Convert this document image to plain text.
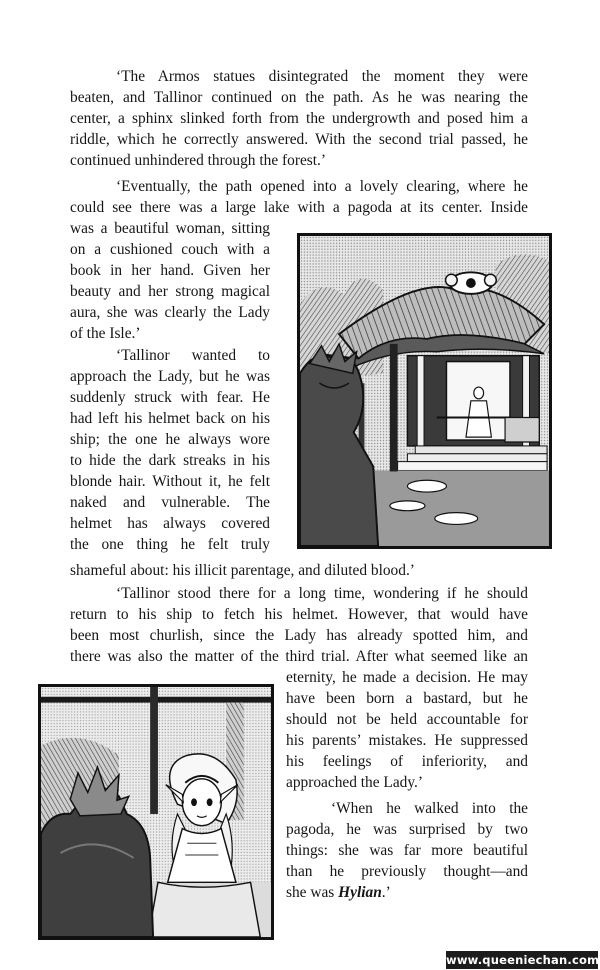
‘The Armos statues disintegrated the moment they were
beaten, and Tallinor continued on the path. As he was nearing the
center, a sphinx slinked forth from the undergrowth and posed him a
riddle, which he correctly answered. With the second trial passed, he
continued unhindered through the forest.’
‘Eventually, the path opened into a lovely clearing, where he
could see there was a large lake with a pagoda at its center. Inside
was a beautiful woman, sitting
on a cushioned couch with a
book in her hand. Given her
beauty and her strong magical
aura, she was clearly the Lady
of the Isle.’
‘Tallinor wanted to
approach the Lady, but he was
suddenly struck with fear. He
had left his helmet back on his
ship; the one he always wore
to hide the dark streaks in his
blonde hair. Without it, he felt
naked and vulnerable. The
helmet has always covered
the one thing he felt truly
shameful about: his illicit parentage, and diluted blood.’
‘Tallinor stood there for a long time, wondering if he should
return to his ship to fetch his helmet. However, that would have
been most churlish, since the Lady has already spotted him, and
there was also the matter of the third trial. After what seemed like an
eternity, he made a decision. He may
have been born a bastard, but he
should not be held accountable for
his parents’ mistakes. He suppressed
his feelings of inferiority, and
approached the Lady.’
‘When he walked into the
pagoda, he was surprised by two
things: she was far more beautiful
than he previously thought—and
she was Hylian.’
www.queeniechan.com
